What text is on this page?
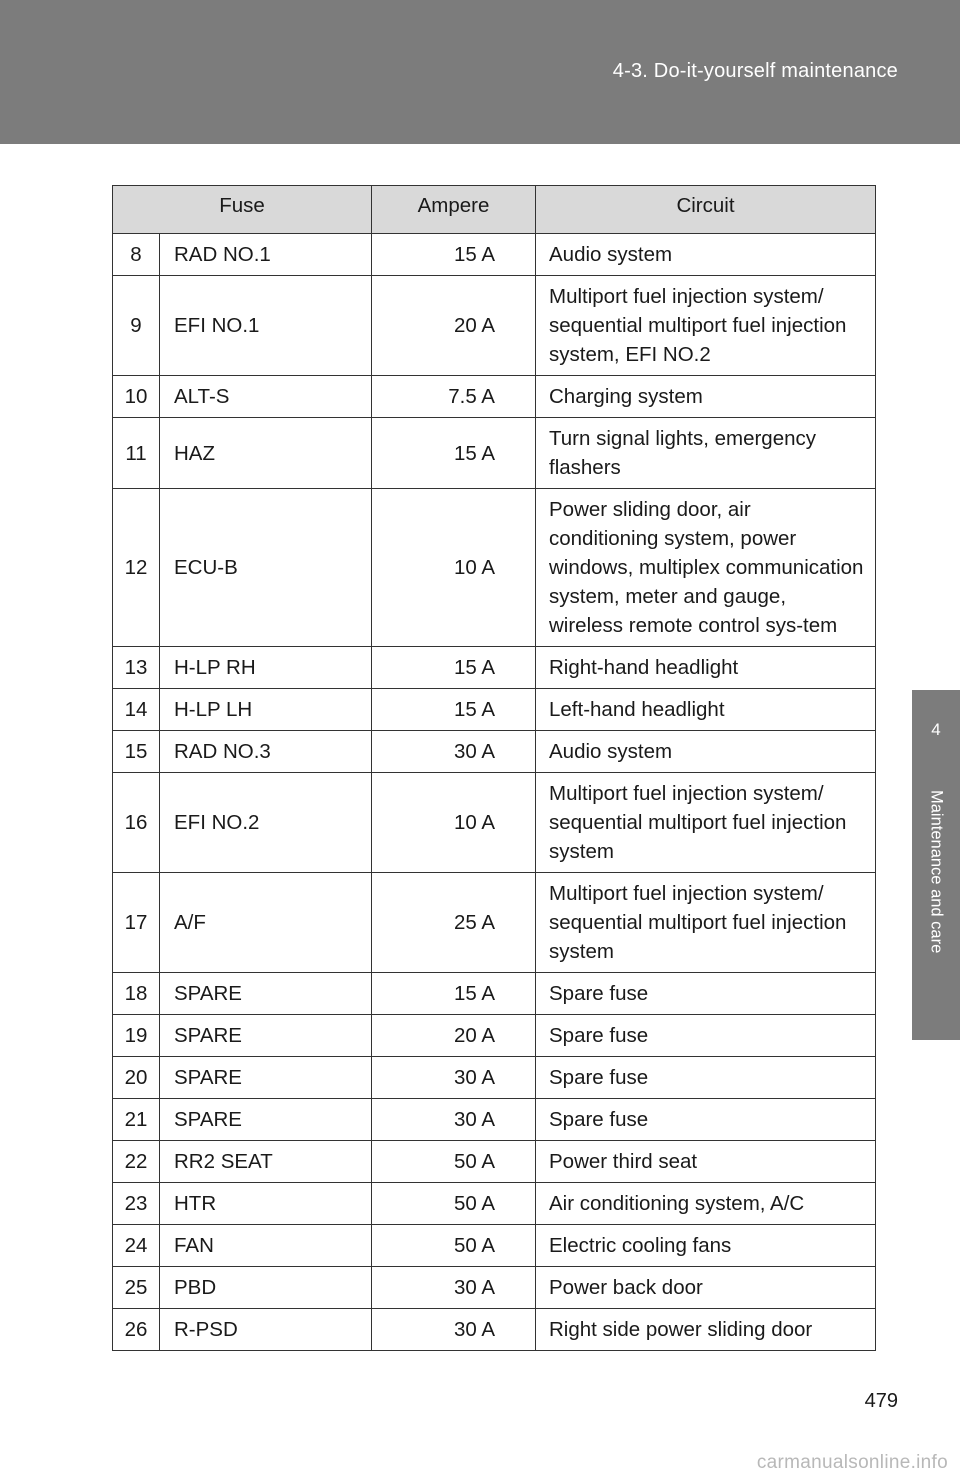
4-3. Do-it-yourself maintenance
4
Maintenance and care
Fuse		Ampere	Circuit
8	RAD NO.1	15 A	Audio system
9	EFI NO.1	20 A	Multiport fuel injection system/ sequential multiport fuel injection system, EFI NO.2
10	ALT-S	7.5 A	Charging system
11	HAZ	15 A	Turn signal lights, emergency flashers
12	ECU-B	10 A	Power sliding door, air conditioning system, power windows, multiplex communication system, meter and gauge, wireless remote control sys-tem
13	H-LP RH	15 A	Right-hand headlight
14	H-LP LH	15 A	Left-hand headlight
15	RAD NO.3	30 A	Audio system
16	EFI NO.2	10 A	Multiport fuel injection system/ sequential multiport fuel injection system
17	A/F	25 A	Multiport fuel injection system/ sequential multiport fuel injection system
18	SPARE	15 A	Spare fuse
19	SPARE	20 A	Spare fuse
20	SPARE	30 A	Spare fuse
21	SPARE	30 A	Spare fuse
22	RR2 SEAT	50 A	Power third seat
23	HTR	50 A	Air conditioning system, A/C
24	FAN	50 A	Electric cooling fans
25	PBD	30 A	Power back door
26	R-PSD	30 A	Right side power sliding door
479
carmanualsonline.info
